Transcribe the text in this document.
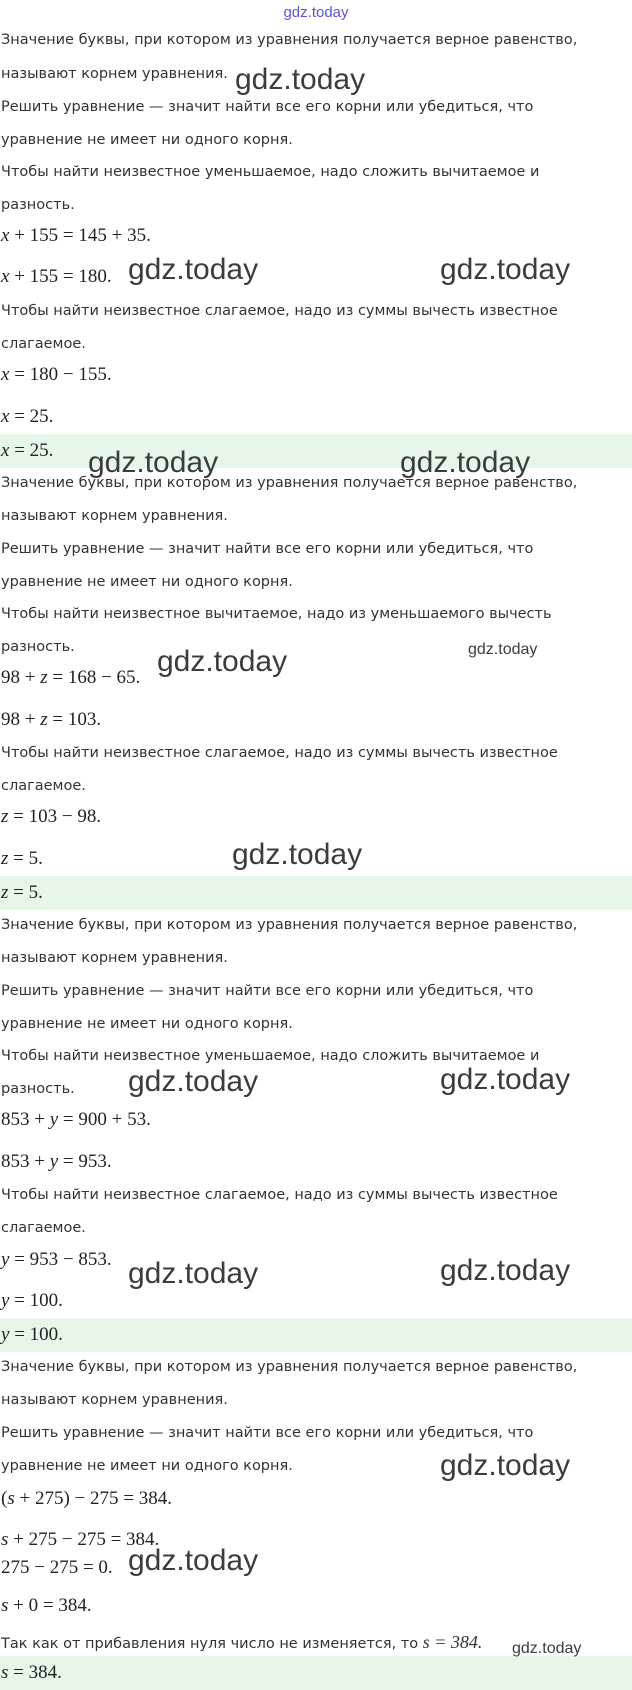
gdz.today
Значение буквы, при котором из уравнения получается верное равенство,
называют корнем уравнения.
Решить уравнение — значит найти все его корни или убедиться, что
уравнение не имеет ни одного корня.
Чтобы найти неизвестное уменьшаемое, надо сложить вычитаемое и
разность.
x + 155 = 145 + 35.
x + 155 = 180.
Чтобы найти неизвестное слагаемое, надо из суммы вычесть известное
слагаемое.
x = 180 − 155.
x = 25.
x = 25.
Значение буквы, при котором из уравнения получается верное равенство,
называют корнем уравнения.
Решить уравнение — значит найти все его корни или убедиться, что
уравнение не имеет ни одного корня.
Чтобы найти неизвестное вычитаемое, надо из уменьшаемого вычесть
разность.
98 + z = 168 − 65.
98 + z = 103.
Чтобы найти неизвестное слагаемое, надо из суммы вычесть известное
слагаемое.
z = 103 − 98.
z = 5.
z = 5.
Значение буквы, при котором из уравнения получается верное равенство,
называют корнем уравнения.
Решить уравнение — значит найти все его корни или убедиться, что
уравнение не имеет ни одного корня.
Чтобы найти неизвестное уменьшаемое, надо сложить вычитаемое и
разность.
853 + y = 900 + 53.
853 + y = 953.
Чтобы найти неизвестное слагаемое, надо из суммы вычесть известное
слагаемое.
y = 953 − 853.
y = 100.
y = 100.
Значение буквы, при котором из уравнения получается верное равенство,
называют корнем уравнения.
Решить уравнение — значит найти все его корни или убедиться, что
уравнение не имеет ни одного корня.
(s + 275) − 275 = 384.
s + 275 − 275 = 384.
275 − 275 = 0.
s + 0 = 384.
Так как от прибавления нуля число не изменяется, то s = 384.
s = 384.
gdz.today
gdz.today	gdz.today
gdz.today	gdz.today
gdz.today	gdz.today
gdz.today
gdz.today	gdz.today
gdz.today	gdz.today
gdz.today
gdz.today
gdz.today
